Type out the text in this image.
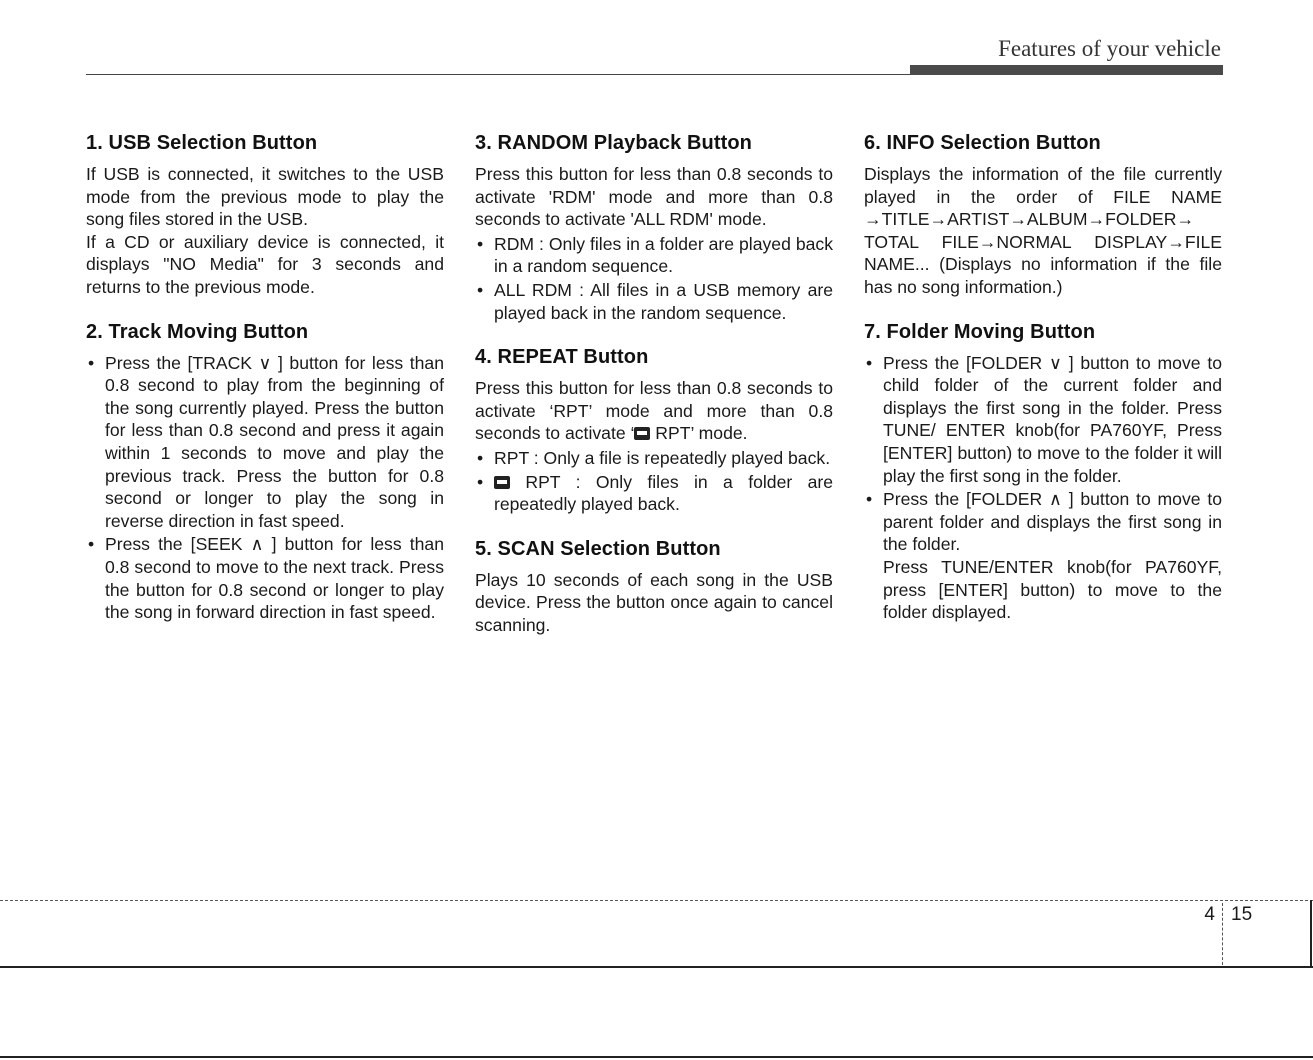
Features of your vehicle
1. USB Selection Button

If USB is connected, it switches to the USB mode from the previous mode to play the song files stored in the USB.

If a CD or auxiliary device is connected, it displays "NO Media" for 3 seconds and returns to the previous mode.

2. Track Moving Button
• Press the [TRACK ∨ ] button for less than 0.8 second to play from the beginning of the song currently played. Press the button for less than 0.8 second and press it again within 1 seconds to move and play the previous track. Press the button for 0.8 second or longer to play the song in reverse direction in fast speed.
• Press the [SEEK ∧ ] button for less than 0.8 second to move to the next track. Press the button for 0.8 second or longer to play the song in forward direction in fast speed.
3. RANDOM Playback Button

Press this button for less than 0.8 seconds to activate 'RDM' mode and more than 0.8 seconds to activate 'ALL RDM' mode.

• RDM : Only files in a folder are played back in a random sequence.
• ALL RDM : All files in a USB memory are played back in the random sequence.
4. REPEAT Button

Press this button for less than 0.8 seconds to activate ‘RPT’ mode and more than 0.8 seconds to activate ‘ RPT’ mode.

• RPT : Only a file is repeatedly played back.
• RPT : Only files in a folder are repeatedly played back.
5. SCAN Selection Button

Plays 10 seconds of each song in the USB device. Press the button once again to cancel scanning.

6. INFO Selection Button

Displays the information of the file currently played in the order of FILE NAME →TITLE→ARTIST→ALBUM→FOLDER→ TOTAL FILE→NORMAL DISPLAY→FILE NAME... (Displays no information if the file has no song information.)

7. Folder Moving Button
• Press the [FOLDER ∨ ] button to move to child folder of the current folder and displays the first song in the folder. Press TUNE/ ENTER knob(for PA760YF, Press [ENTER] button) to move to the folder it will play the first song in the folder.
• Press the [FOLDER ∧ ] button to move to parent folder and displays the first song in the folder.
Press TUNE/ENTER knob(for PA760YF, press [ENTER] button) to move to the folder displayed.
4 15
